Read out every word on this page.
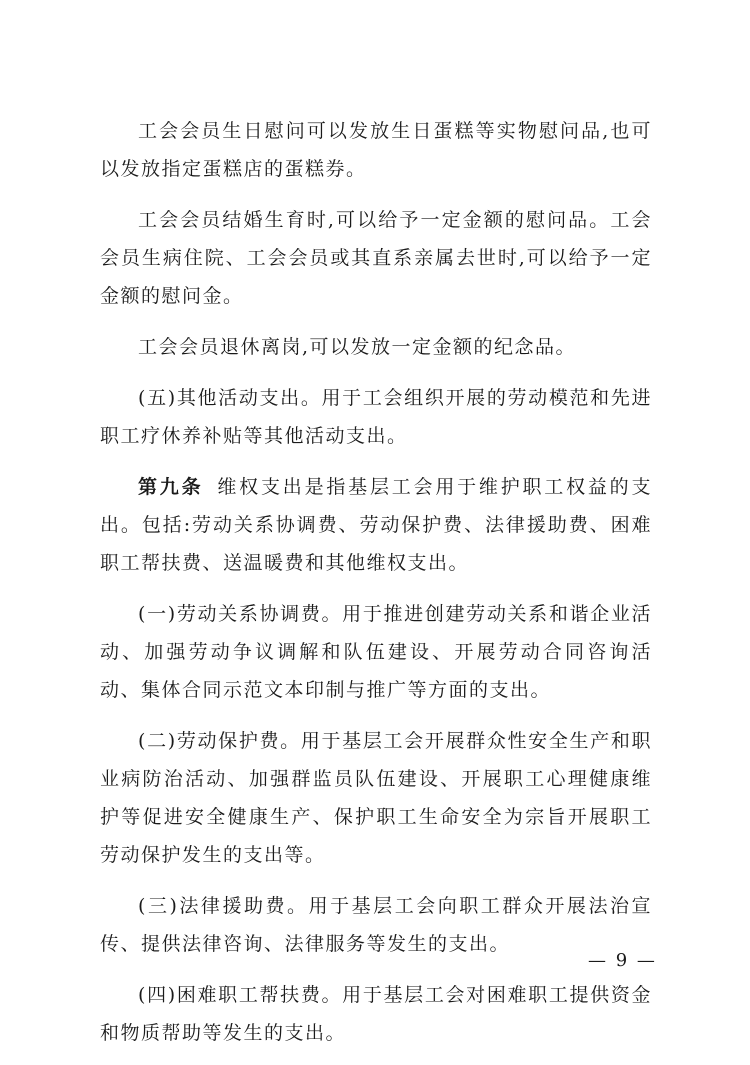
工会会员生日慰问可以发放生日蛋糕等实物慰问品,也可以发放指定蛋糕店的蛋糕券。

工会会员结婚生育时,可以给予一定金额的慰问品。工会会员生病住院、工会会员或其直系亲属去世时,可以给予一定金额的慰问金。

工会会员退休离岗,可以发放一定金额的纪念品。

(五)其他活动支出。用于工会组织开展的劳动模范和先进职工疗休养补贴等其他活动支出。

第九条 维权支出是指基层工会用于维护职工权益的支出。包括:劳动关系协调费、劳动保护费、法律援助费、困难职工帮扶费、送温暖费和其他维权支出。

(一)劳动关系协调费。用于推进创建劳动关系和谐企业活动、加强劳动争议调解和队伍建设、开展劳动合同咨询活动、集体合同示范文本印制与推广等方面的支出。

(二)劳动保护费。用于基层工会开展群众性安全生产和职业病防治活动、加强群监员队伍建设、开展职工心理健康维护等促进安全健康生产、保护职工生命安全为宗旨开展职工劳动保护发生的支出等。

(三)法律援助费。用于基层工会向职工群众开展法治宣传、提供法律咨询、法律服务等发生的支出。

(四)困难职工帮扶费。用于基层工会对困难职工提供资金和物质帮助等发生的支出。

— 9 —
